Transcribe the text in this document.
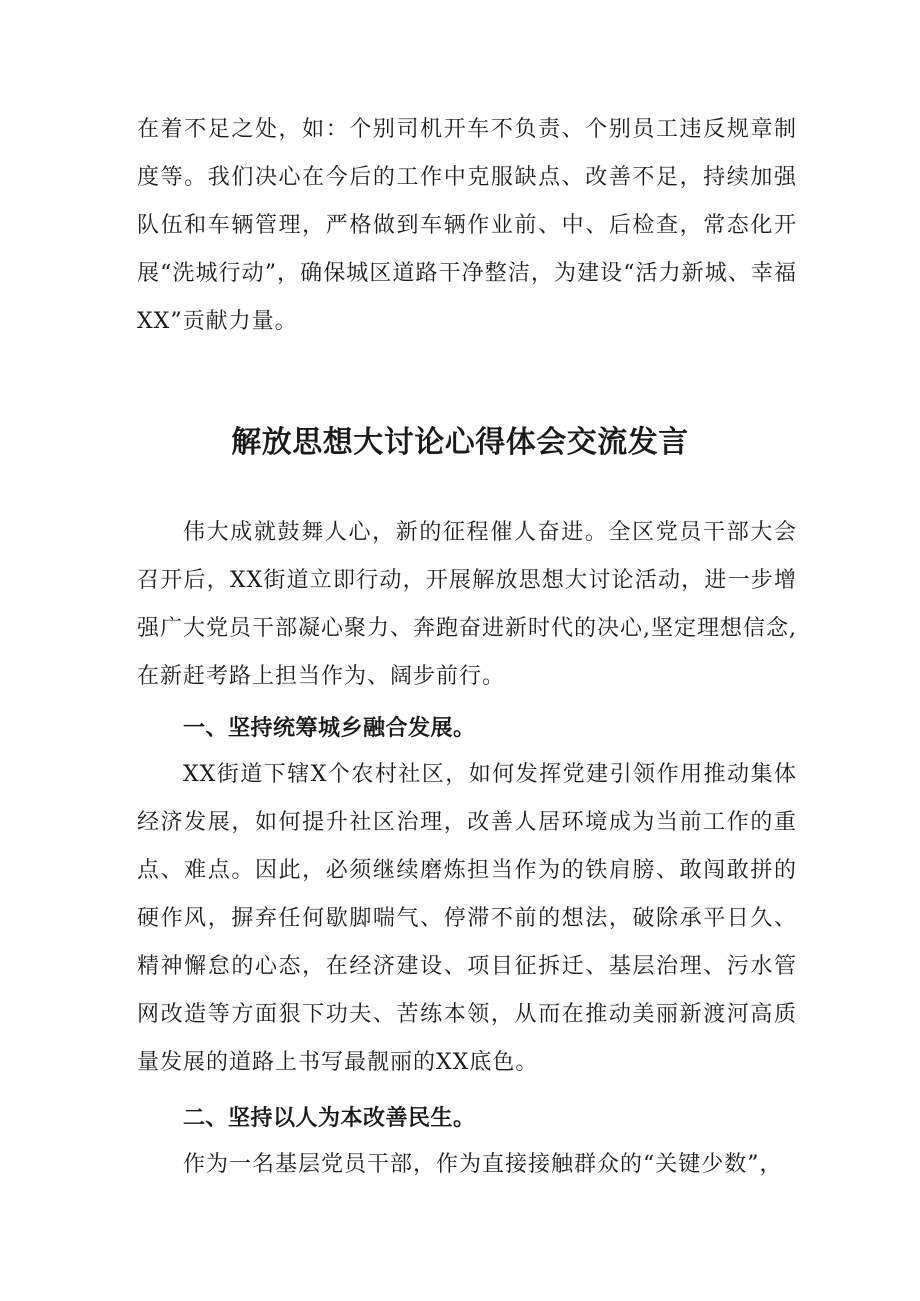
在着不足之处，如：个别司机开车不负责、个别员工违反规章制度等。我们决心在今后的工作中克服缺点、改善不足，持续加强队伍和车辆管理，严格做到车辆作业前、中、后检查，常态化开展“洗城行动”，确保城区道路干净整洁，为建设“活力新城、幸福XX”贡献力量。

解放思想大讨论心得体会交流发言

伟大成就鼓舞人心，新的征程催人奋进。全区党员干部大会召开后，XX街道立即行动，开展解放思想大讨论活动，进一步增强广大党员干部凝心聚力、奔跑奋进新时代的决心,坚定理想信念,在新赶考路上担当作为、阔步前行。

一、坚持统筹城乡融合发展。

XX街道下辖X个农村社区，如何发挥党建引领作用推动集体经济发展，如何提升社区治理，改善人居环境成为当前工作的重点、难点。因此，必须继续磨炼担当作为的铁肩膀、敢闯敢拼的硬作风，摒弃任何歇脚喘气、停滞不前的想法，破除承平日久、精神懈怠的心态，在经济建设、项目征拆迁、基层治理、污水管网改造等方面狠下功夫、苦练本领，从而在推动美丽新渡河高质量发展的道路上书写最靓丽的XX底色。

二、坚持以人为本改善民生。

作为一名基层党员干部，作为直接接触群众的“关键少数”，
